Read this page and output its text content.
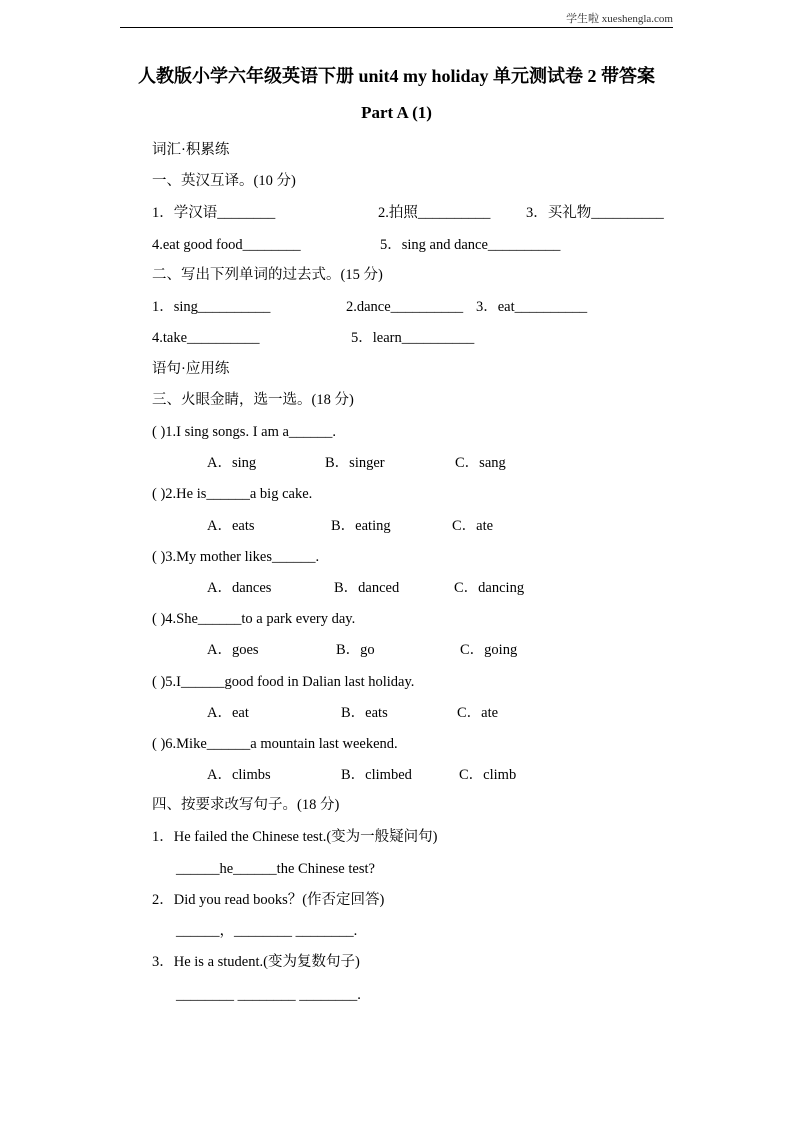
学生啦 xueshengla.com
人教版小学六年级英语下册 unit4 my holiday 单元测试卷 2 带答案
Part A (1)
词汇·积累练
一、英汉互译。(10 分)
1．学汉语________	2.拍照__________ 3．买礼物__________
4.eat good food________	5．sing and dance__________
二、写出下列单词的过去式。(15 分)
1．sing__________	2.dance__________ 3．eat__________
4.take__________	5．learn__________
语句·应用练
三、火眼金睛，选一选。(18 分)
( )1.I sing songs. I am a______.
A．sing	B．singer	C．sang
( )2.He is______a big cake.
A．eats	B．eating	C．ate
( )3.My mother likes______.
A．dances	B．danced	C．dancing
( )4.She______to a park every day.
A．goes	B．go	C．going
( )5.I______good food in Dalian last holiday.
A．eat	B．eats	C．ate
( )6.Mike______a mountain last weekend.
A．climbs	B．climbed	C．climb
四、按要求改写句子。(18 分)
1．He failed the Chinese test.(变为一般疑问句)
______he______the Chinese test?
2．Did you read books？(作否定回答)
______，________ ________.
3．He is a student.(变为复数句子)
________ ________ ________.
